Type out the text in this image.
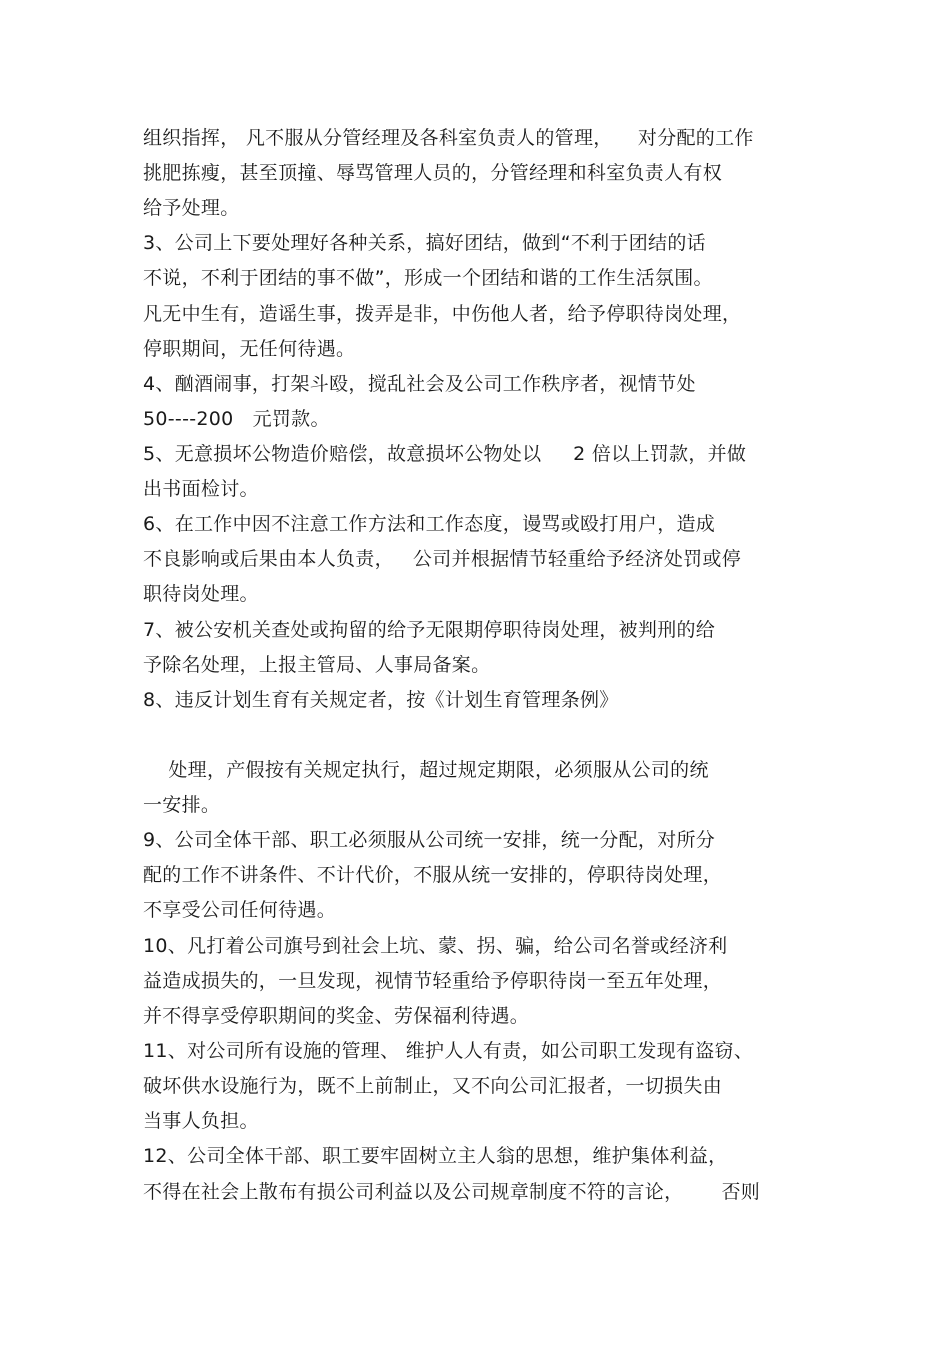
组织指挥， 凡不服从分管经理及各科室负责人的管理，    对分配的工作
挑肥拣瘦，甚至顶撞、辱骂管理人员的，分管经理和科室负责人有权
给予处理。
3、公司上下要处理好各种关系，搞好团结，做到“不利于团结的话
不说，不利于团结的事不做”，形成一个团结和谐的工作生活氛围。
凡无中生有，造谣生事，拨弄是非，中伤他人者，给予停职待岗处理，
停职期间，无任何待遇。
4、酗酒闹事，打架斗殴，搅乱社会及公司工作秩序者，视情节处
50----200   元罚款。
5、无意损坏公物造价赔偿，故意损坏公物处以     2 倍以上罚款，并做
出书面检讨。
6、在工作中因不注意工作方法和工作态度，谩骂或殴打用户，造成
不良影响或后果由本人负责，   公司并根据情节轻重给予经济处罚或停
职待岗处理。
7、被公安机关查处或拘留的给予无限期停职待岗处理，被判刑的给
予除名处理，上报主管局、人事局备案。
8、违反计划生育有关规定者，按《计划生育管理条例》
处理，产假按有关规定执行，超过规定期限，必须服从公司的统
一安排。
9、公司全体干部、职工必须服从公司统一安排，统一分配，对所分
配的工作不讲条件、不计代价，不服从统一安排的，停职待岗处理，
不享受公司任何待遇。
10、凡打着公司旗号到社会上坑、蒙、拐、骗，给公司名誉或经济利
益造成损失的，一旦发现，视情节轻重给予停职待岗一至五年处理，
并不得享受停职期间的奖金、劳保福利待遇。
11、对公司所有设施的管理、 维护人人有责，如公司职工发现有盗窃、
破坏供水设施行为，既不上前制止，又不向公司汇报者，一切损失由
当事人负担。
12、公司全体干部、职工要牢固树立主人翁的思想，维护集体利益，
不得在社会上散布有损公司利益以及公司规章制度不符的言论，      否则
